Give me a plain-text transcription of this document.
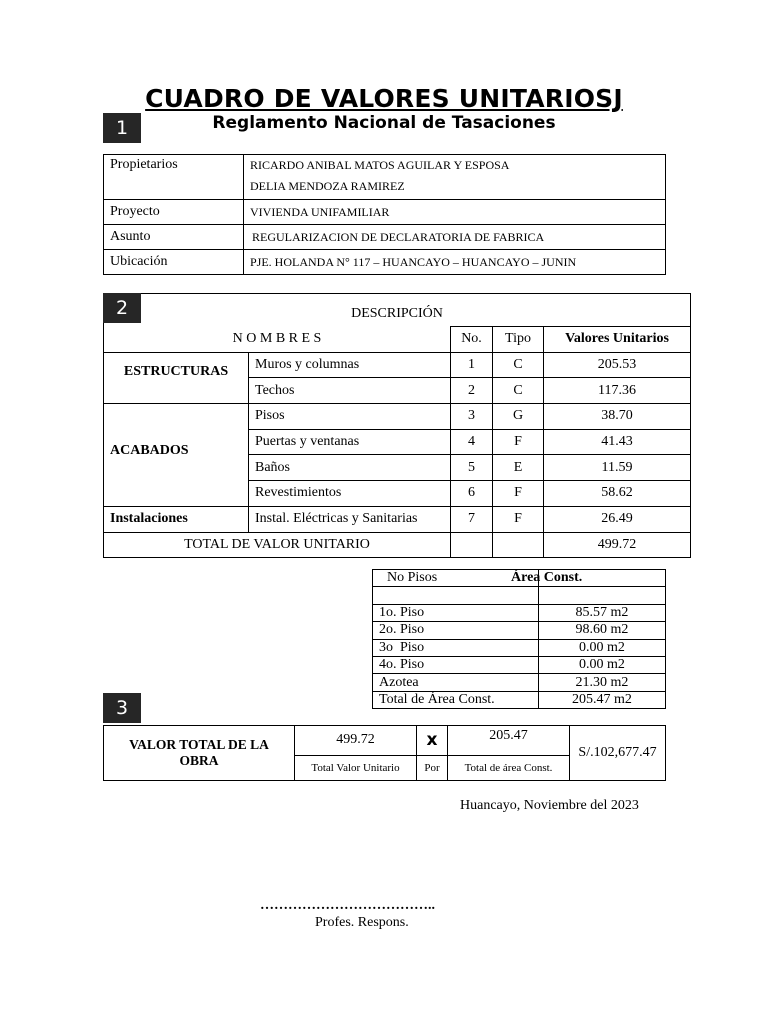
CUADRO DE VALORES UNITARIOSJ
Reglamento Nacional de Tasaciones
1
Propietarios	RICARDO ANIBAL MATOS AGUILAR Y ESPOSA
DELIA MENDOZA RAMIREZ

Proyecto	VIVIENDA UNIFAMILIAR
Asunto	REGULARIZACION DE DECLARATORIA DE FABRICA
Ubicación	PJE. HOLANDA N° 117 – HUANCAYO – HUANCAYO – JUNIN
2	DESCRIPCIÓN				
N O M B R E S		No.	Tipo	Valores Unitarios
ESTRUCTURAS	Muros y columnas	1	C	205.53
	Techos	2	C	117.36
ACABADOS	Pisos	3	G	38.70
	Puertas y ventanas	4	F	41.43
	Baños	5	E	11.59
	Revestimientos	6	F	58.62
Instalaciones	Instal. Eléctricas y Sanitarias	7	F	26.49
TOTAL DE VALOR UNITARIO				499.72
No Pisos	Área Const.

1o. Piso	85.57 m2
2o. Piso	98.60 m2
3o  Piso	0.00 m2
4o. Piso	0.00 m2
Azotea	21.30 m2
Total de Área Const.	205.47 m2
3
VALOR TOTAL DE LA OBRA	499.72	x	205.47	S/.102,677.47
	Total Valor Unitario	Por	Total de área Const.	
Huancayo, Noviembre del 2023
………………………………..
Profes. Respons.
